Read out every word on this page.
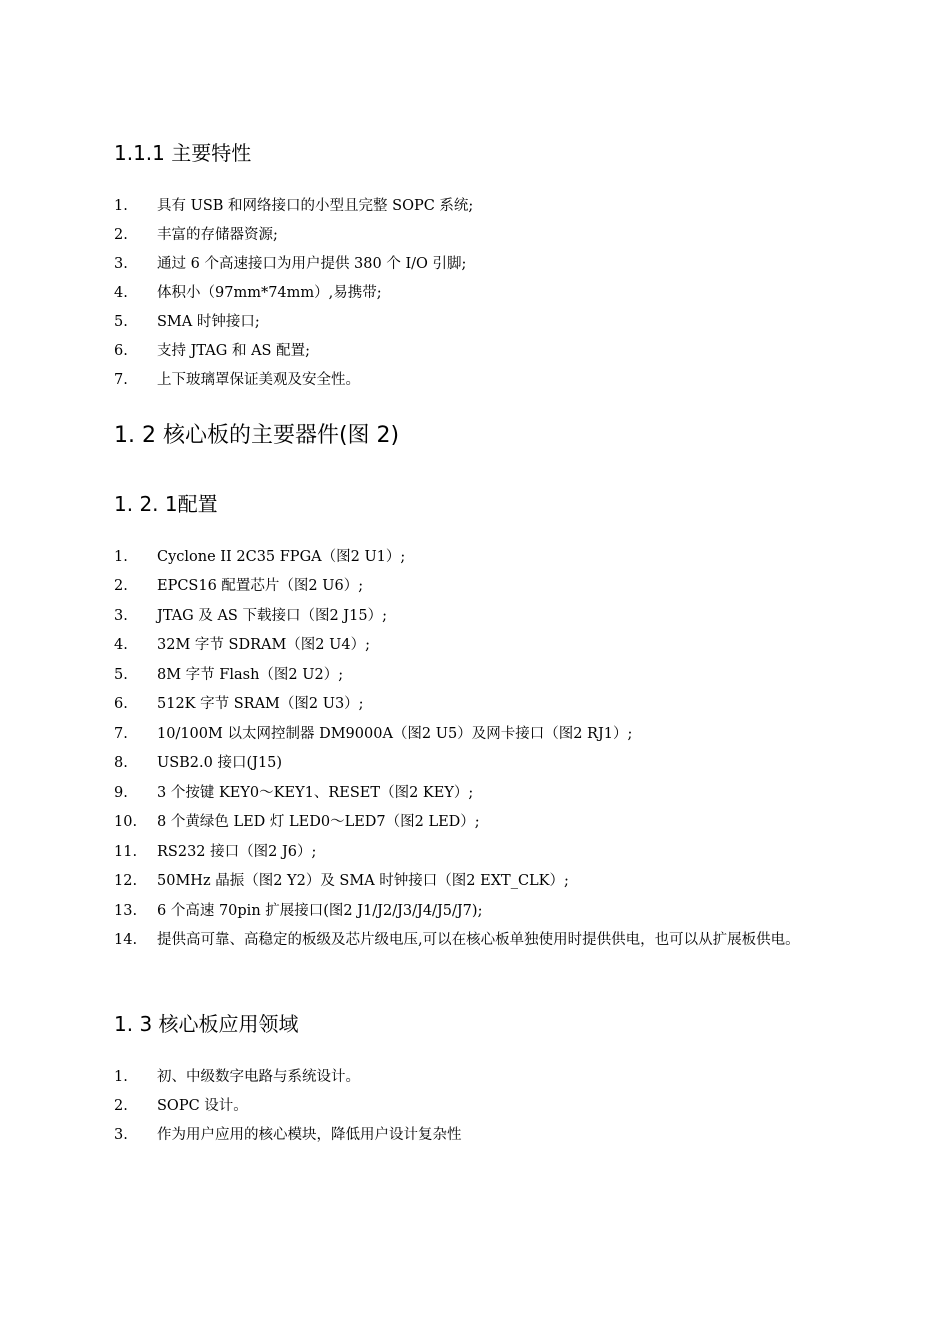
1.1.1 主要特性
1. 具有 USB 和网络接口的小型且完整 SOPC 系统;
2. 丰富的存储器资源;
3. 通过 6 个高速接口为用户提供 380 个 I/O 引脚;
4. 体积小（97mm*74mm）,易携带;
5. SMA 时钟接口;
6. 支持 JTAG 和 AS 配置;
7. 上下玻璃罩保证美观及安全性。
1. 2 核心板的主要器件(图 2)
1. 2. 1配置
1. Cyclone II 2C35 FPGA（图2 U1）;
2. EPCS16 配置芯片（图2 U6）;
3. JTAG 及 AS 下载接口（图2 J15）;
4. 32M 字节 SDRAM（图2 U4）;
5. 8M 字节 Flash（图2 U2）;
6. 512K 字节 SRAM（图2 U3）;
7. 10/100M 以太网控制器 DM9000A（图2 U5）及网卡接口（图2 RJ1）;
8. USB2.0 接口(J15)
9. 3 个按键 KEY0～KEY1、RESET（图2 KEY）;
10. 8 个黄绿色 LED 灯 LED0～LED7（图2 LED）;
11. RS232 接口（图2 J6）;
12. 50MHz 晶振（图2 Y2）及 SMA 时钟接口（图2 EXT_CLK）;
13. 6 个高速 70pin 扩展接口(图2 J1/J2/J3/J4/J5/J7);
14. 提供高可靠、高稳定的板级及芯片级电压,可以在核心板单独使用时提供供电，也可以从扩展板供电。
1. 3 核心板应用领域
1. 初、中级数字电路与系统设计。
2. SOPC 设计。
3. 作为用户应用的核心模块，降低用户设计复杂性
